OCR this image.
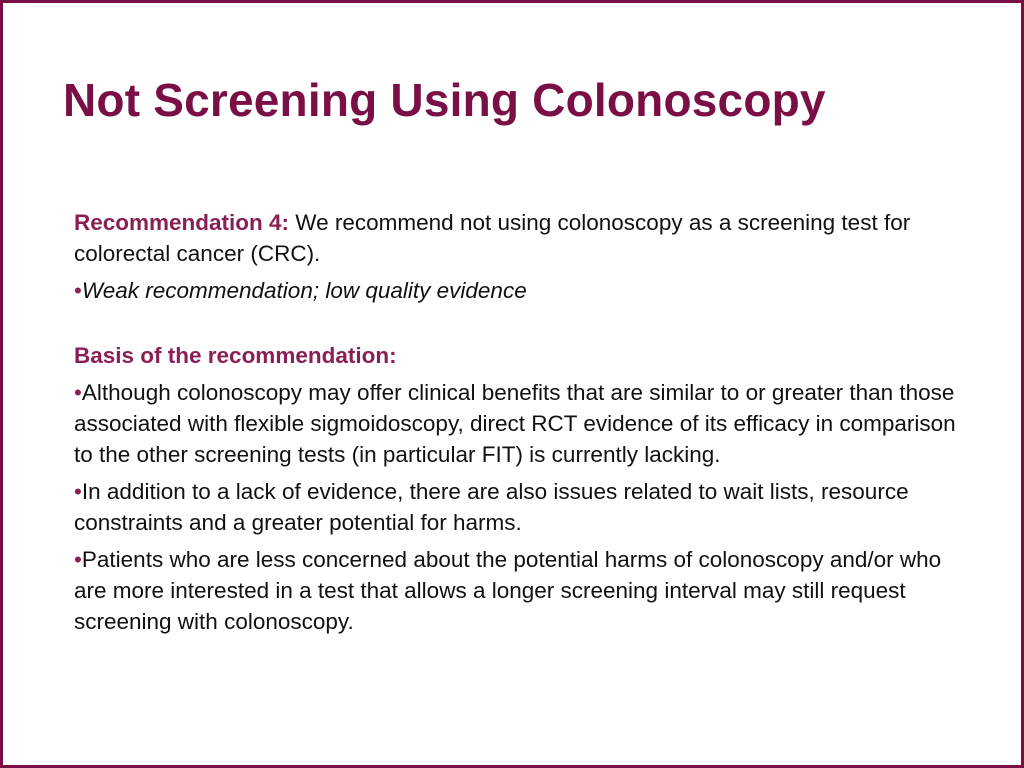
Not Screening Using Colonoscopy

Recommendation 4: We recommend not using colonoscopy as a screening test for colorectal cancer (CRC).

•Weak recommendation; low quality evidence

Basis of the recommendation:

•Although colonoscopy may offer clinical benefits that are similar to or greater than those associated with flexible sigmoidoscopy, direct RCT evidence of its efficacy in comparison to the other screening tests (in particular FIT) is currently lacking.

•In addition to a lack of evidence, there are also issues related to wait lists, resource constraints and a greater potential for harms.

•Patients who are less concerned about the potential harms of colonoscopy and/or who are more interested in a test that allows a longer screening interval may still request screening with colonoscopy.
